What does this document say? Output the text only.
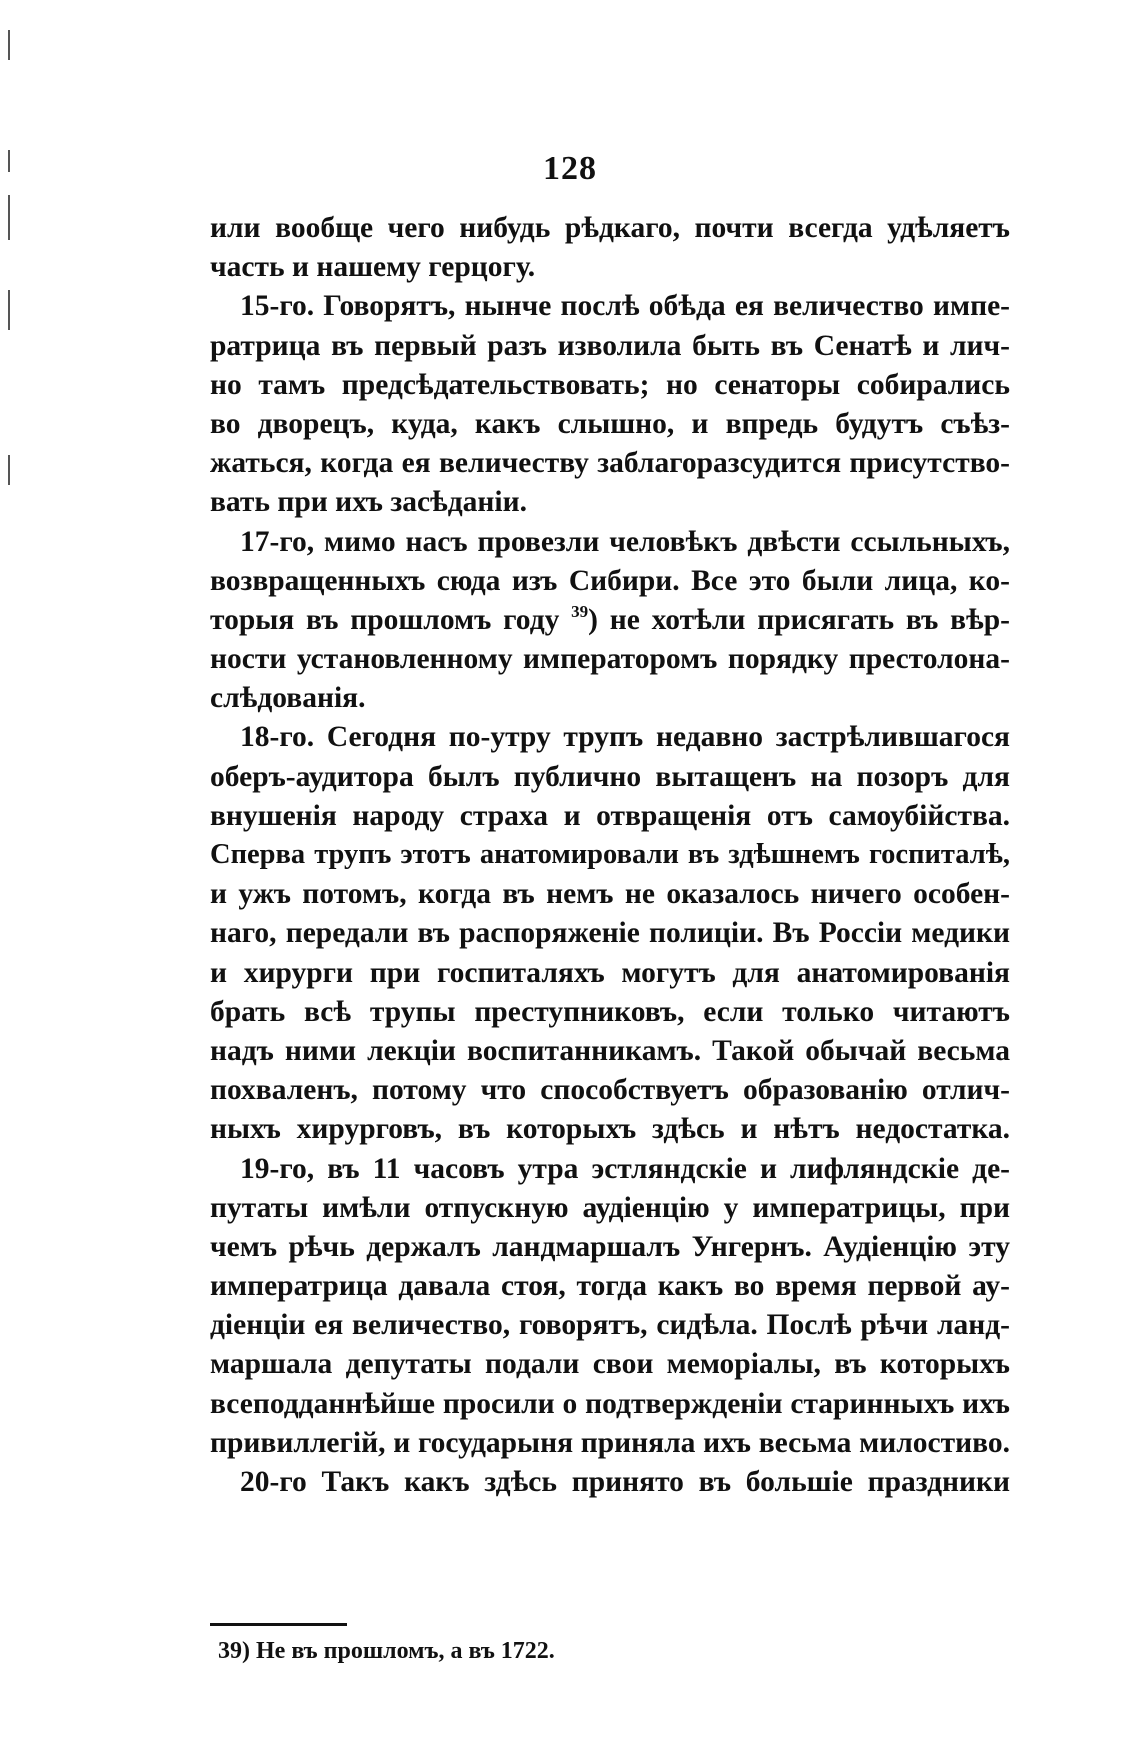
128
или вообще чего нибудь рѣдкаго, почти всегда удѣляетъ
часть и нашему герцогу.
15-го. Говорятъ, нынче послѣ обѣда ея величество импе-
ратрица въ первый разъ изволила быть въ Сенатѣ и лич-
но тамъ предсѣдательствовать; но сенаторы собирались
во дворецъ, куда, какъ слышно, и впредь будутъ съѣз-
жаться, когда ея величеству заблагоразсудится присутство-
вать при ихъ засѣданіи.
17-го, мимо насъ провезли человѣкъ двѣсти ссыльныхъ,
возвращенныхъ сюда изъ Сибири. Все это были лица, ко-
торыя въ прошломъ году $^{39}$) не хотѣли присягать въ вѣр-
ности установленному императоромъ порядку престолона-
слѣдованія.
18-го. Сегодня по-утру трупъ недавно застрѣлившагося
оберъ-аудитора былъ публично вытащенъ на позоръ для
внушенія народу страха и отвращенія отъ самоубійства.
Сперва трупъ этотъ анатомировали въ здѣшнемъ госпиталѣ,
и ужъ потомъ, когда въ немъ не оказалось ничего особен-
наго, передали въ распоряженіе полиціи. Въ Россіи медики
и хирурги при госпиталяхъ могутъ для анатомированія
брать всѣ трупы преступниковъ, если только читаютъ
надъ ними лекціи воспитанникамъ. Такой обычай весьма
похваленъ, потому что способствуетъ образованію отлич-
ныхъ хирурговъ, въ которыхъ здѣсь и нѣтъ недостатка.
19-го, въ 11 часовъ утра эстляндскіе и лифляндскіе де-
путаты имѣли отпускную аудіенцію у императрицы, при
чемъ рѣчь держалъ ландмаршалъ Унгернъ. Аудіенцію эту
императрица давала стоя, тогда какъ во время первой ау-
діенціи ея величество, говорятъ, сидѣла. Послѣ рѣчи ланд-
маршала депутаты подали свои меморіалы, въ которыхъ
всеподданнѣйше просили о подтвержденіи старинныхъ ихъ
привиллегій, и государыня приняла ихъ весьма милостиво.
20-го Такъ какъ здѣсь принято въ большіе праздники
39) Не въ прошломъ, а въ 1722.
